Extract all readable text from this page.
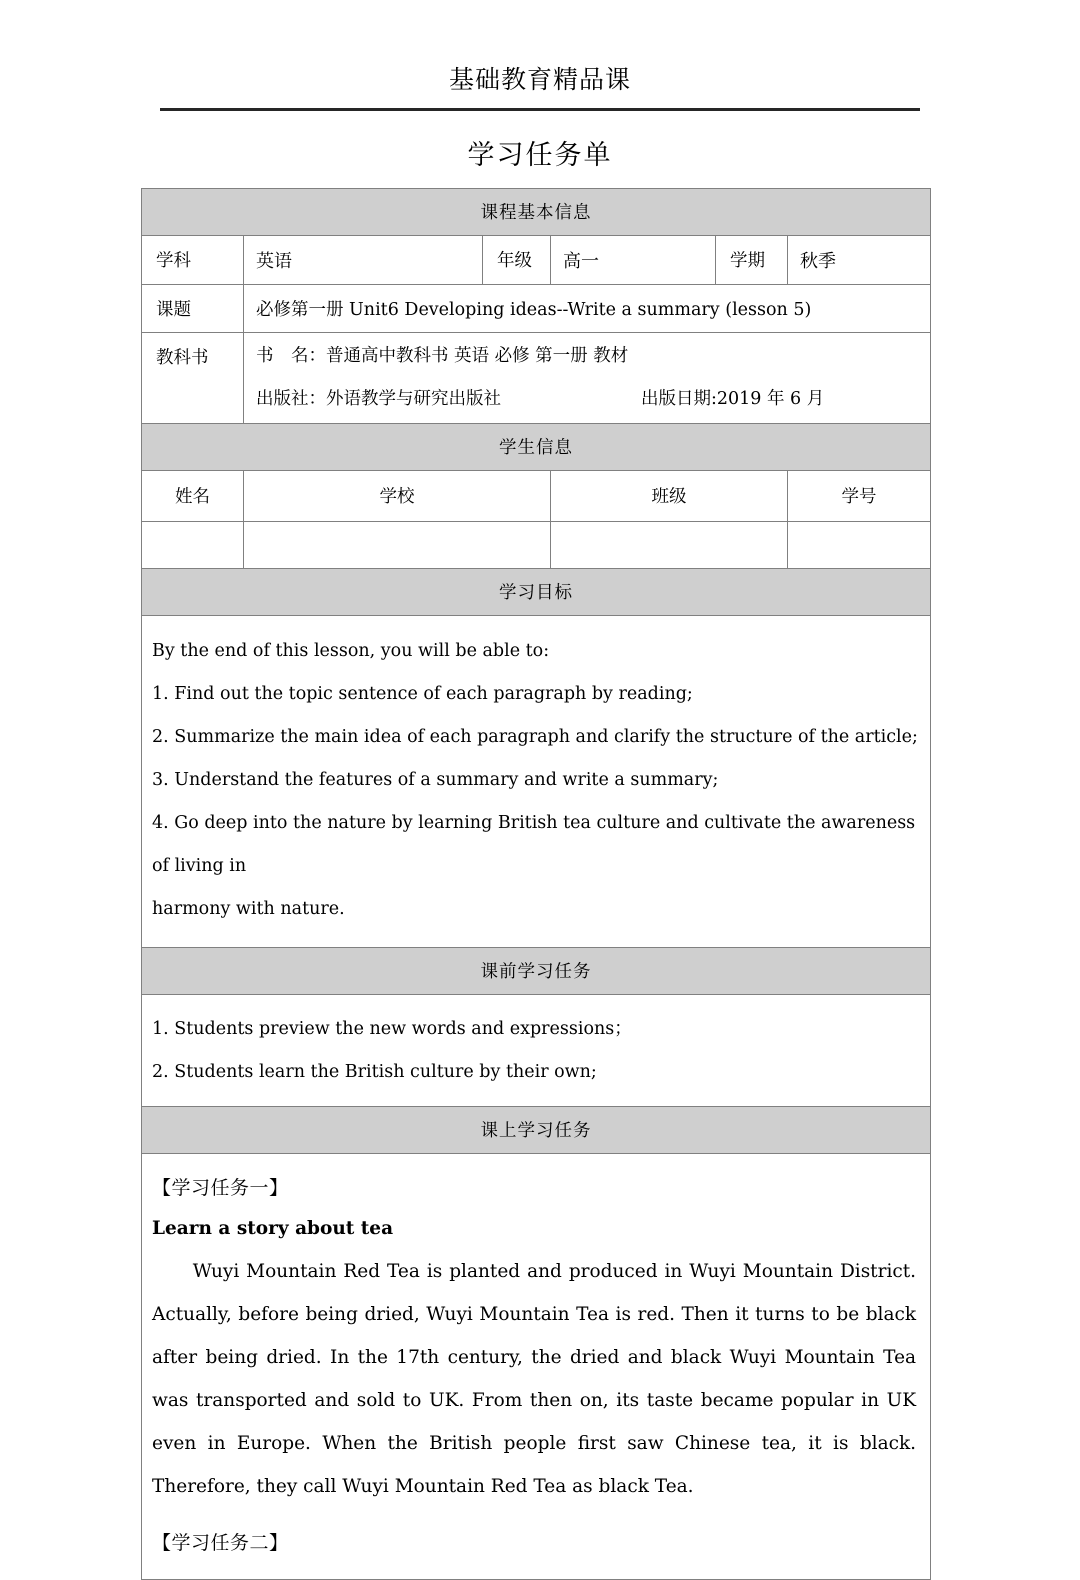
基础教育精品课
学习任务单
课程基本信息					
学科	英语	年级	高一	学期	秋季
课题	必修第一册 Unit6 Developing ideas--Write a summary (lesson 5)				
教科书	书　名：普通高中教科书 英语 必修 第一册 教材
出版社：外语教学与研究出版社 出版日期:2019 年 6 月				

学生信息					
姓名	学校		班级		学号

学习目标					

By the end of this lesson, you will be able to:

1. Find out the topic sentence of each paragraph by reading;

2. Summarize the main idea of each paragraph and clarify the structure of the article;

3. Understand the features of a summary and write a summary;

4. Go deep into the nature by learning British tea culture and cultivate the awareness of living in

harmony with nature.

课前学习任务					

1. Students preview the new words and expressions；

2. Students learn the British culture by their own;					

课上学习任务					

【学习任务一】

Learn a story about tea

Wuyi Mountain Red Tea is planted and produced in Wuyi Mountain District. Actually, before being dried, Wuyi Mountain Tea is red. Then it turns to be black after being dried. In the 17th century, the dried and black Wuyi Mountain Tea was transported and sold to UK. From then on, its taste became popular in UK even in Europe. When the British people first saw Chinese tea, it is black. Therefore, they call Wuyi Mountain Red Tea as black Tea.

【学习任务二】					
